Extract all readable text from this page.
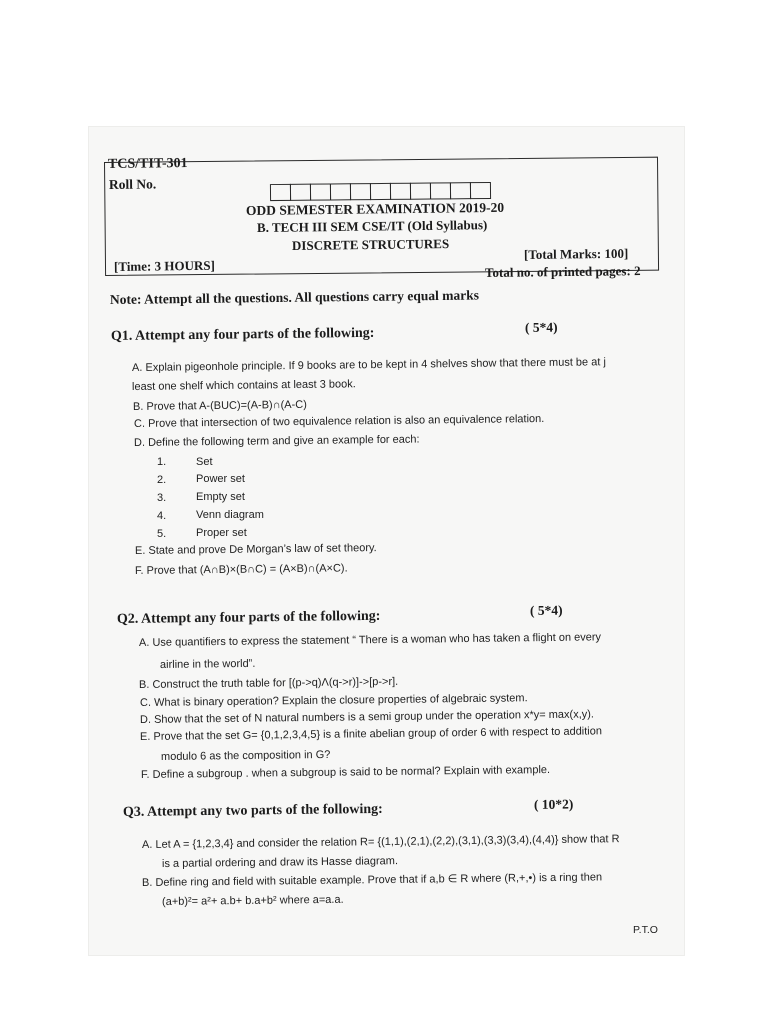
TCS/TIT-301
Roll No.
ODD SEMESTER EXAMINATION 2019-20
B. TECH III SEM CSE/IT (Old Syllabus)
DISCRETE STRUCTURES
[Total Marks: 100]
[Time: 3 HOURS]	Total no. of printed pages: 2
Note: Attempt all the questions. All questions carry equal marks
Q1. Attempt any four parts of the following:	( 5*4)
A. Explain pigeonhole principle. If 9 books are to be kept in 4 shelves show that there must be at j
least one shelf which contains at least 3 book.
B. Prove that A-(BUC)=(A-B)∩(A-C)
C. Prove that intersection of two equivalence relation is also an equivalence relation.
D. Define the following term and give an example for each:
1.	Set
2.	Power set
3.	Empty set
4.	Venn diagram
5.	Proper set
E. State and prove De Morgan’s law of set theory.
F. Prove that (A∩B)×(B∩C) = (A×B)∩(A×C).
Q2. Attempt any four parts of the following:	( 5*4)
A. Use quantifiers to express the statement “ There is a woman who has taken a flight on every
airline in the world”.
B. Construct the truth table for [(p->q)Λ(q->r)]->[p->r].
C. What is binary operation? Explain the closure properties of algebraic system.
D. Show that the set of N natural numbers is a semi group under the operation x*y= max(x,y).
E. Prove that the set G= {0,1,2,3,4,5} is a finite abelian group of order 6 with respect to addition
modulo 6 as the composition in G?
F. Define a subgroup . when a subgroup is said to be normal? Explain with example.
Q3. Attempt any two parts of the following:	( 10*2)
A. Let A = {1,2,3,4} and consider the relation R= {(1,1),(2,1),(2,2),(3,1),(3,3)(3,4),(4,4)} show that R
is a partial ordering and draw its Hasse diagram.
B. Define ring and field with suitable example. Prove that if a,b ∈ R where (R,+,•) is a ring then
(a+b)²= a²+ a.b+ b.a+b² where a=a.a.
P.T.O
